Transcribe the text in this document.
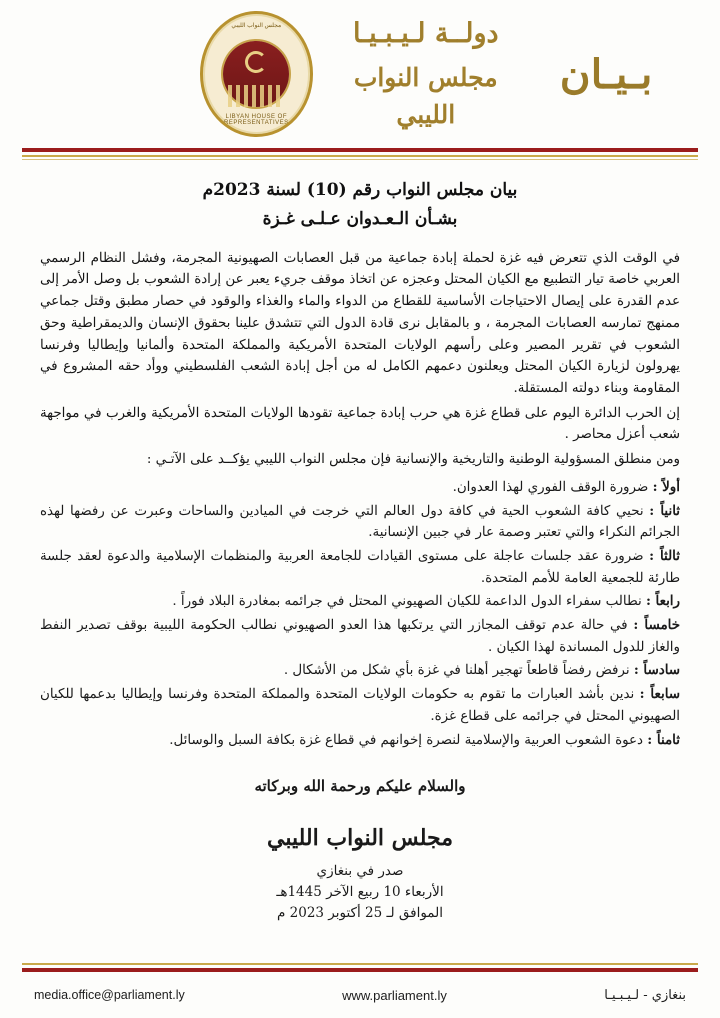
بـيـان
دولــة لـيـبـيـا
مجلس النواب الليبي
مجلس النواب الليبي
LIBYAN HOUSE OF REPRESENTATIVES
بيان مجلس النواب رقم (10) لسنة 2023م
بشـأن الـعـدوان عـلـى غـزة

في الوقت الذي تتعرض فيه غزة لحملة إبادة جماعية من قبل العصابات الصهيونية المجرمة، وفشل النظام الرسمي العربي خاصة تيار التطبيع مع الكيان المحتل وعجزه عن اتخاذ موقف جريء يعبر عن إرادة الشعوب بل وصل الأمر إلى عدم القدرة على إيصال الاحتياجات الأساسية للقطاع من الدواء والماء والغذاء والوقود في حصار مطبق وقتل جماعي ممنهج تمارسه العصابات المجرمة ، و بالمقابل نرى قادة الدول التي تتشدق علينا بحقوق الإنسان والديمقراطية وحق الشعوب في تقرير المصير وعلى رأسهم الولايات المتحدة الأمريكية والمملكة المتحدة وألمانيا وإيطاليا وفرنسا يهرولون لزيارة الكيان المحتل ويعلنون دعمهم الكامل له من أجل إبادة الشعب الفلسطيني ووأد حقه المشروع في المقاومة وبناء دولته المستقلة.

إن الحرب الدائرة اليوم على قطاع غزة هي حرب إبادة جماعية تقودها الولايات المتحدة الأمريكية والغرب في مواجهة شعب أعزل محاصر .

ومن منطلق المسؤولية الوطنية والتاريخية والإنسانية فإن مجلس النواب الليبي يؤكــد على الآتـي :

أولاً : ضرورة الوقف الفوري لهذا العدوان.

ثانياً : نحيي كافة الشعوب الحية في كافة دول العالم التي خرجت في الميادين والساحات وعبرت عن رفضها لهذه الجرائم النكراء والتي تعتبر وصمة عار في جبين الإنسانية.

ثالثاً : ضرورة عقد جلسات عاجلة على مستوى القيادات للجامعة العربية والمنظمات الإسلامية والدعوة لعقد جلسة طارئة للجمعية العامة للأمم المتحدة.

رابعاً : نطالب سفراء الدول الداعمة للكيان الصهيوني المحتل في جرائمه بمغادرة البلاد فوراً .

خامساً : في حالة عدم توقف المجازر التي يرتكبها هذا العدو الصهيوني نطالب الحكومة الليبية بوقف تصدير النفط والغاز للدول المساندة لهذا الكيان .

سادساً : نرفض رفضاً قاطعاً تهجير أهلنا في غزة بأي شكل من الأشكال .

سابعاً : ندين بأشد العبارات ما تقوم به حكومات الولايات المتحدة والمملكة المتحدة وفرنسا وإيطاليا بدعمها للكيان الصهيوني المحتل في جرائمه على قطاع غزة.

ثامناً : دعوة الشعوب العربية والإسلامية لنصرة إخوانهم في قطاع غزة بكافة السبل والوسائل.

والسلام عليكم ورحمة الله وبركاته
مجلس النواب الليبي
صدر في بنغازي
الأربعاء 10 ربيع الآخر 1445هـ
الموافق لـ 25 أكتوبر 2023 م
بنغازي - لـيـبـيـا
www.parliament.ly
media.office@parliament.ly
